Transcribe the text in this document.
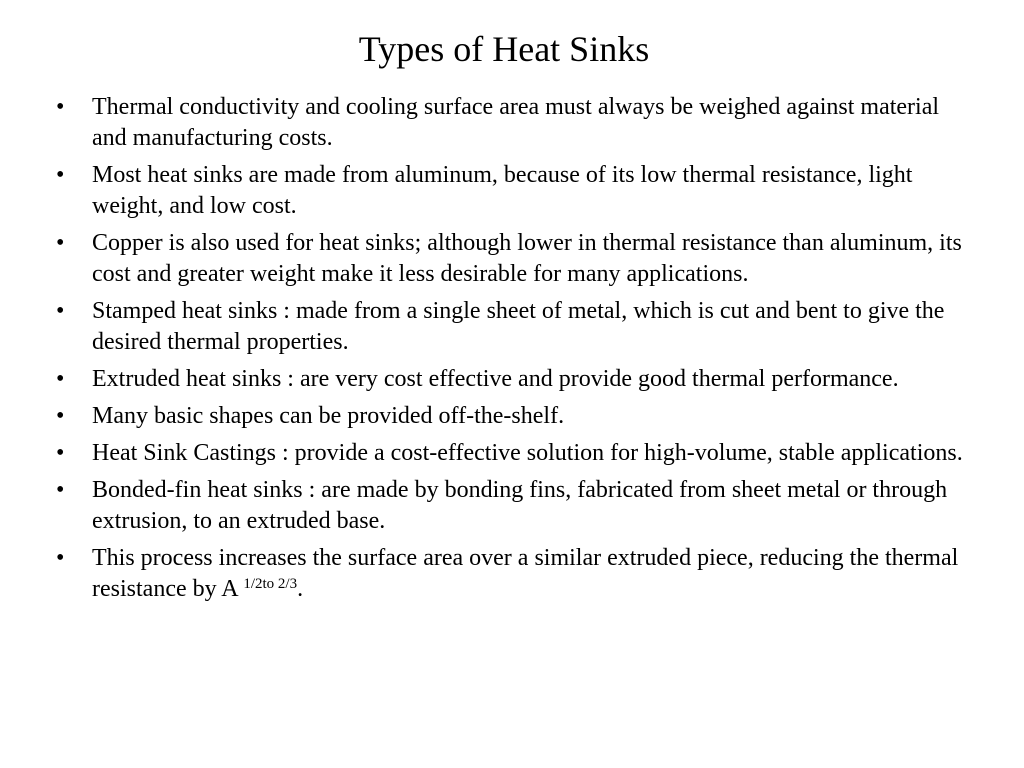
Types of Heat Sinks
• Thermal conductivity and cooling surface area must always be weighed against material and manufacturing costs.
• Most heat sinks are made from aluminum, because of its low thermal resistance, light weight, and low cost.
• Copper is also used for heat sinks; although lower in thermal resistance than aluminum, its cost and greater weight make it less desirable for many applications.
• Stamped heat sinks : made from a single sheet of metal, which is cut and bent to give the desired thermal properties.
• Extruded heat sinks : are very cost effective and provide good thermal performance.
• Many basic shapes can be provided off-the-shelf.
• Heat Sink Castings : provide a cost-effective solution for high-volume, stable applications.
• Bonded-fin heat sinks : are made by bonding fins, fabricated from sheet metal or through extrusion, to an extruded base.
• This process increases the surface area over a similar extruded piece, reducing the thermal resistance by A $^{1/2to 2/3}$.
